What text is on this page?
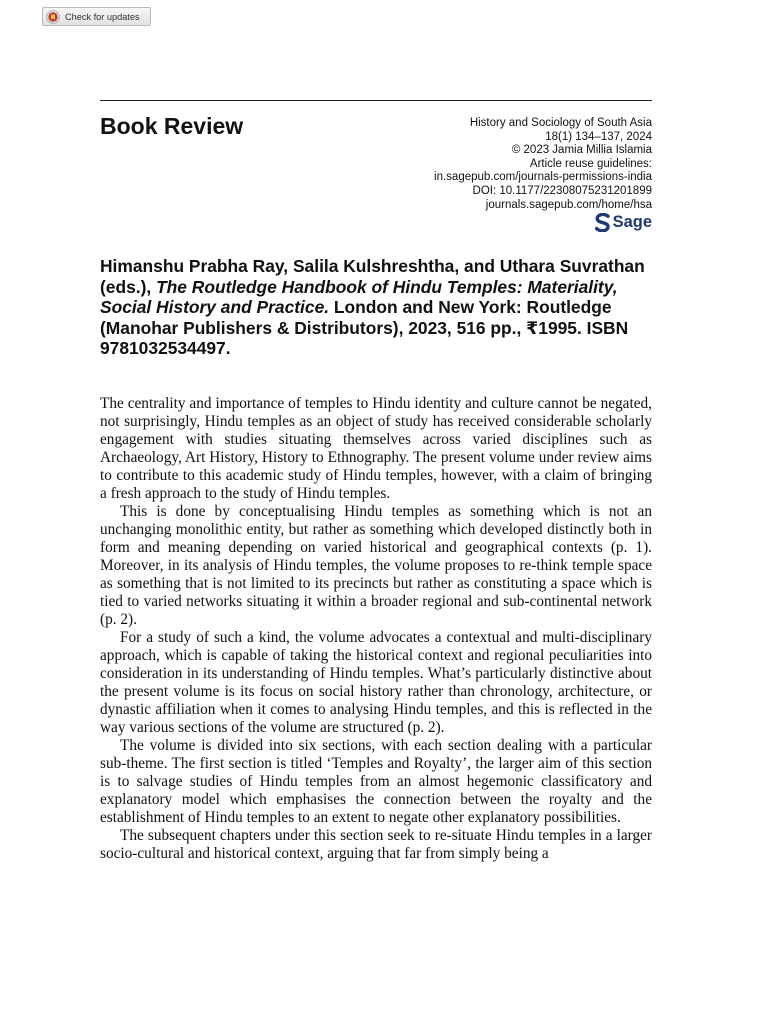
Check for updates
Book Review	History and Sociology of South Asia
18(1) 134–137, 2024
© 2023 Jamia Millia Islamia
Article reuse guidelines:
in.sagepub.com/journals-permissions-india
DOI: 10.1177/22308075231201899
journals.sagepub.com/home/hsa
Sage

Himanshu Prabha Ray, Salila Kulshreshtha, and Uthara Suvrathan (eds.), The Routledge Handbook of Hindu Temples: Materiality, Social History and Practice. London and New York: Routledge (Manohar Publishers & Distributors), 2023, 516 pp., ₹1995. ISBN 9781032534497.

The centrality and importance of temples to Hindu identity and culture cannot be negated, not surprisingly, Hindu temples as an object of study has received considerable scholarly engagement with studies situating themselves across varied disciplines such as Archaeology, Art History, History to Ethnography. The present volume under review aims to contribute to this academic study of Hindu temples, however, with a claim of bringing a fresh approach to the study of Hindu temples.

This is done by conceptualising Hindu temples as something which is not an unchanging monolithic entity, but rather as something which developed distinctly both in form and meaning depending on varied historical and geographical contexts (p. 1). Moreover, in its analysis of Hindu temples, the volume proposes to re-think temple space as something that is not limited to its precincts but rather as constituting a space which is tied to varied networks situating it within a broader regional and sub-continental network (p. 2).

For a study of such a kind, the volume advocates a contextual and multi-disciplinary approach, which is capable of taking the historical context and regional peculiarities into consideration in its understanding of Hindu temples. What’s particularly distinctive about the present volume is its focus on social history rather than chronology, architecture, or dynastic affiliation when it comes to analysing Hindu temples, and this is reflected in the way various sections of the volume are structured (p. 2).

The volume is divided into six sections, with each section dealing with a particular sub-theme. The first section is titled ‘Temples and Royalty’, the larger aim of this section is to salvage studies of Hindu temples from an almost hegemonic classificatory and explanatory model which emphasises the connection between the royalty and the establishment of Hindu temples to an extent to negate other explanatory possibilities.

The subsequent chapters under this section seek to re-situate Hindu temples in a larger socio-cultural and historical context, arguing that far from simply being a
